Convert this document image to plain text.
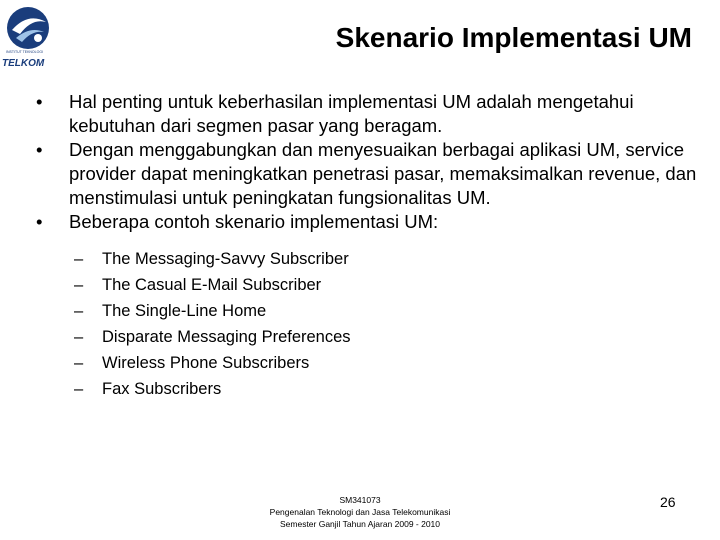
INSTITUT TEKNOLOGI
TELKOM
Skenario Implementasi UM
• Hal penting untuk keberhasilan implementasi UM adalah mengetahui kebutuhan dari segmen pasar yang beragam.
• Dengan menggabungkan dan menyesuaikan berbagai aplikasi UM, service provider dapat meningkatkan penetrasi pasar, memaksimalkan revenue, dan menstimulasi untuk peningkatan fungsionalitas UM.
• Beberapa contoh skenario implementasi UM:
– The Messaging-Savvy Subscriber
– The Casual E-Mail Subscriber
– The Single-Line Home
– Disparate Messaging Preferences
– Wireless Phone Subscribers
– Fax Subscribers
SM341073
Pengenalan Teknologi dan Jasa Telekomunikasi
Semester Ganjil Tahun Ajaran 2009 - 2010
26
